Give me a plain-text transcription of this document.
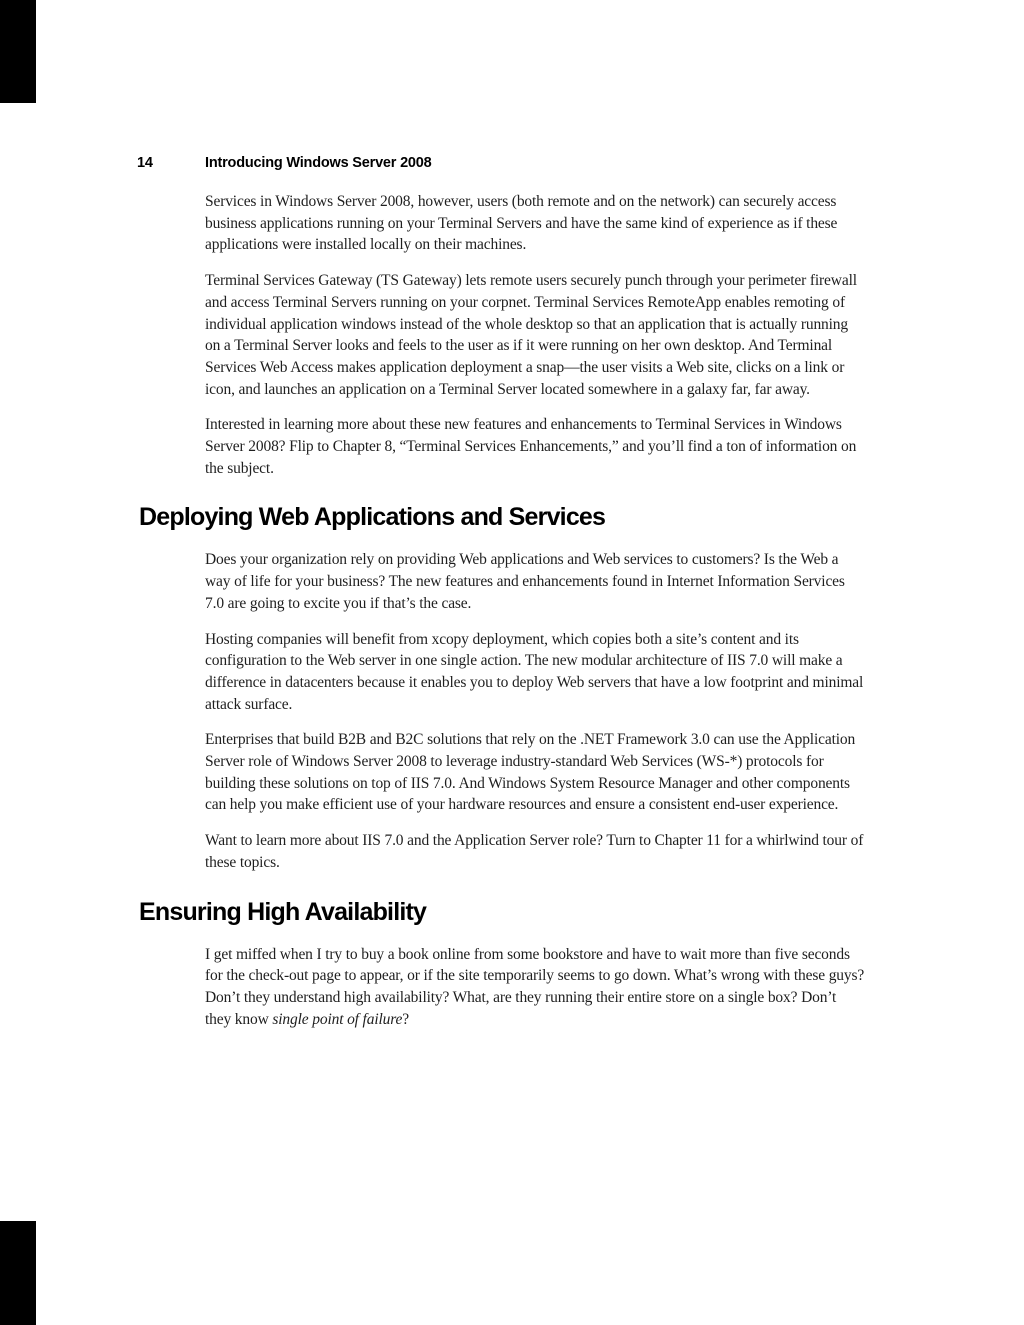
14	Introducing Windows Server 2008

Services in Windows Server 2008, however, users (both remote and on the network) can securely access business applications running on your Terminal Servers and have the same kind of experience as if these applications were installed locally on their machines.

Terminal Services Gateway (TS Gateway) lets remote users securely punch through your perimeter firewall and access Terminal Servers running on your corpnet. Terminal Services RemoteApp enables remoting of individual application windows instead of the whole desktop so that an application that is actually running on a Terminal Server looks and feels to the user as if it were running on her own desktop. And Terminal Services Web Access makes application deployment a snap—the user visits a Web site, clicks on a link or icon, and launches an application on a Terminal Server located somewhere in a galaxy far, far away.

Interested in learning more about these new features and enhancements to Terminal Services in Windows Server 2008? Flip to Chapter 8, “Terminal Services Enhancements,” and you’ll find a ton of information on the subject.

Deploying Web Applications and Services

Does your organization rely on providing Web applications and Web services to customers? Is the Web a way of life for your business? The new features and enhancements found in Internet Information Services 7.0 are going to excite you if that’s the case.

Hosting companies will benefit from xcopy deployment, which copies both a site’s content and its configuration to the Web server in one single action. The new modular architecture of IIS 7.0 will make a difference in datacenters because it enables you to deploy Web servers that have a low footprint and minimal attack surface.

Enterprises that build B2B and B2C solutions that rely on the .NET Framework 3.0 can use the Application Server role of Windows Server 2008 to leverage industry-standard Web Services (WS-*) protocols for building these solutions on top of IIS 7.0. And Windows System Resource Manager and other components can help you make efficient use of your hardware resources and ensure a consistent end-user experience.

Want to learn more about IIS 7.0 and the Application Server role? Turn to Chapter 11 for a whirlwind tour of these topics.

Ensuring High Availability

I get miffed when I try to buy a book online from some bookstore and have to wait more than five seconds for the check-out page to appear, or if the site temporarily seems to go down. What’s wrong with these guys? Don’t they understand high availability? What, are they running their entire store on a single box? Don’t they know single point of failure?
